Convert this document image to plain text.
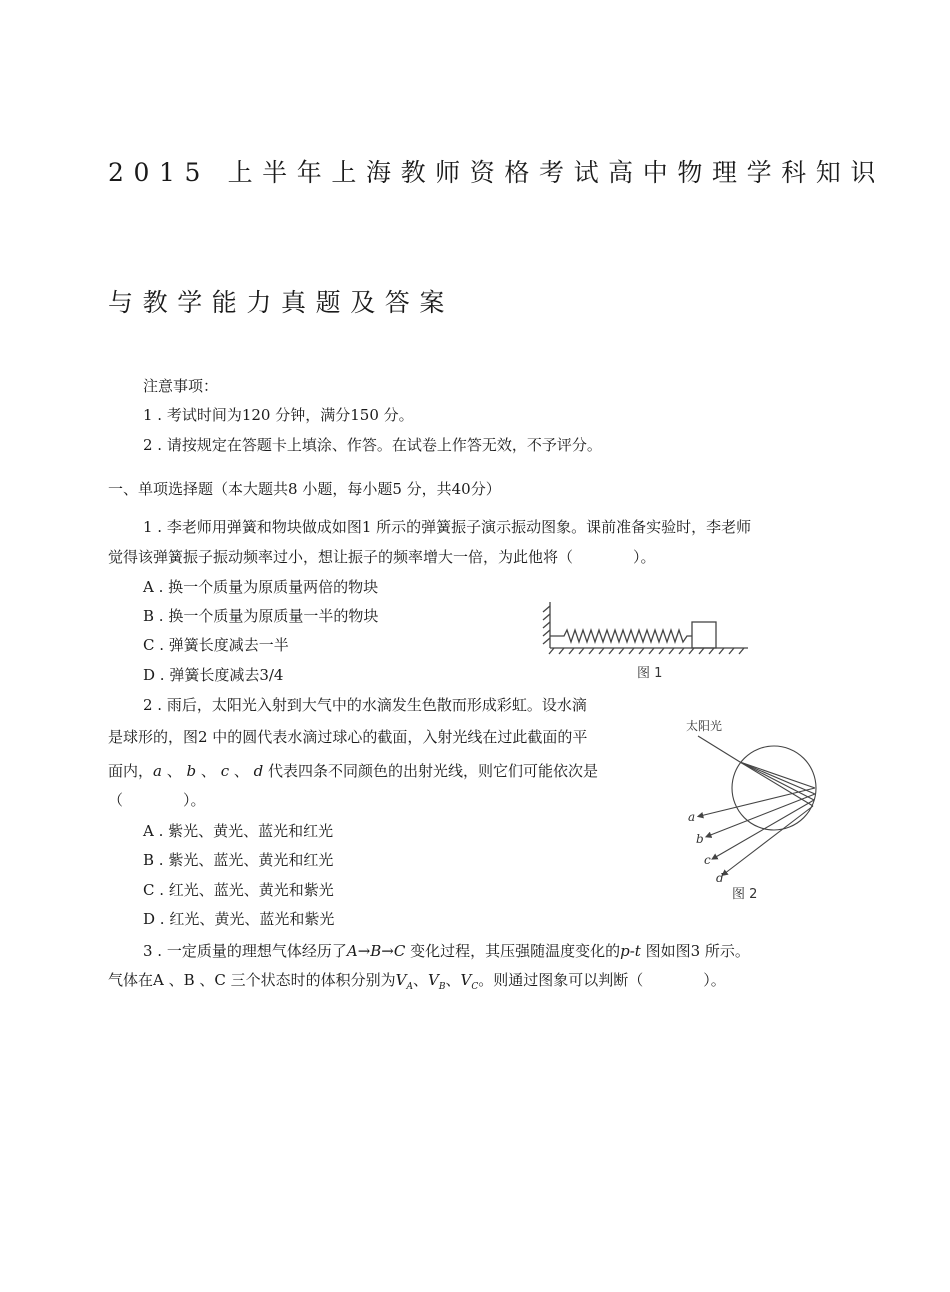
2015 上半年上海教师资格考试高中物理学科知识
与教学能力真题及答案
注意事项：
1 . 考试时间为120 分钟，满分150 分。
2 . 请按规定在答题卡上填涂、作答。在试卷上作答无效，不予评分。
一、单项选择题（本大题共8 小题，每小题5 分，共40分）
1 . 李老师用弹簧和物块做成如图1 所示的弹簧振子演示振动图象。课前准备实验时，李老师
觉得该弹簧振子振动频率过小，想让振子的频率增大一倍，为此他将（　　　　）。
A . 换一个质量为原质量两倍的物块
B . 换一个质量为原质量一半的物块
C . 弹簧长度减去一半
D . 弹簧长度减去3/4	图 1
2 . 雨后，太阳光入射到大气中的水滴发生色散而形成彩虹。设水滴
是球形的，图2 中的圆代表水滴过球心的截面，入射光线在过此截面的平
面内，a 、 b 、 c 、 d 代表四条不同颜色的出射光线，则它们可能依次是
（　　　　）。
A . 紫光、黄光、蓝光和红光
B . 紫光、蓝光、黄光和红光
C . 红光、蓝光、黄光和紫光
D . 红光、黄光、蓝光和紫光
太阳光
a
b
c
d
图 2
3 . 一定质量的理想气体经历了A→B→C 变化过程，其压强随温度变化的p-t 图如图3 所示。
气体在A 、B 、C 三个状态时的体积分别为$V_A$、$V_B$、$V_C$。则通过图象可以判断（　　　　）。
